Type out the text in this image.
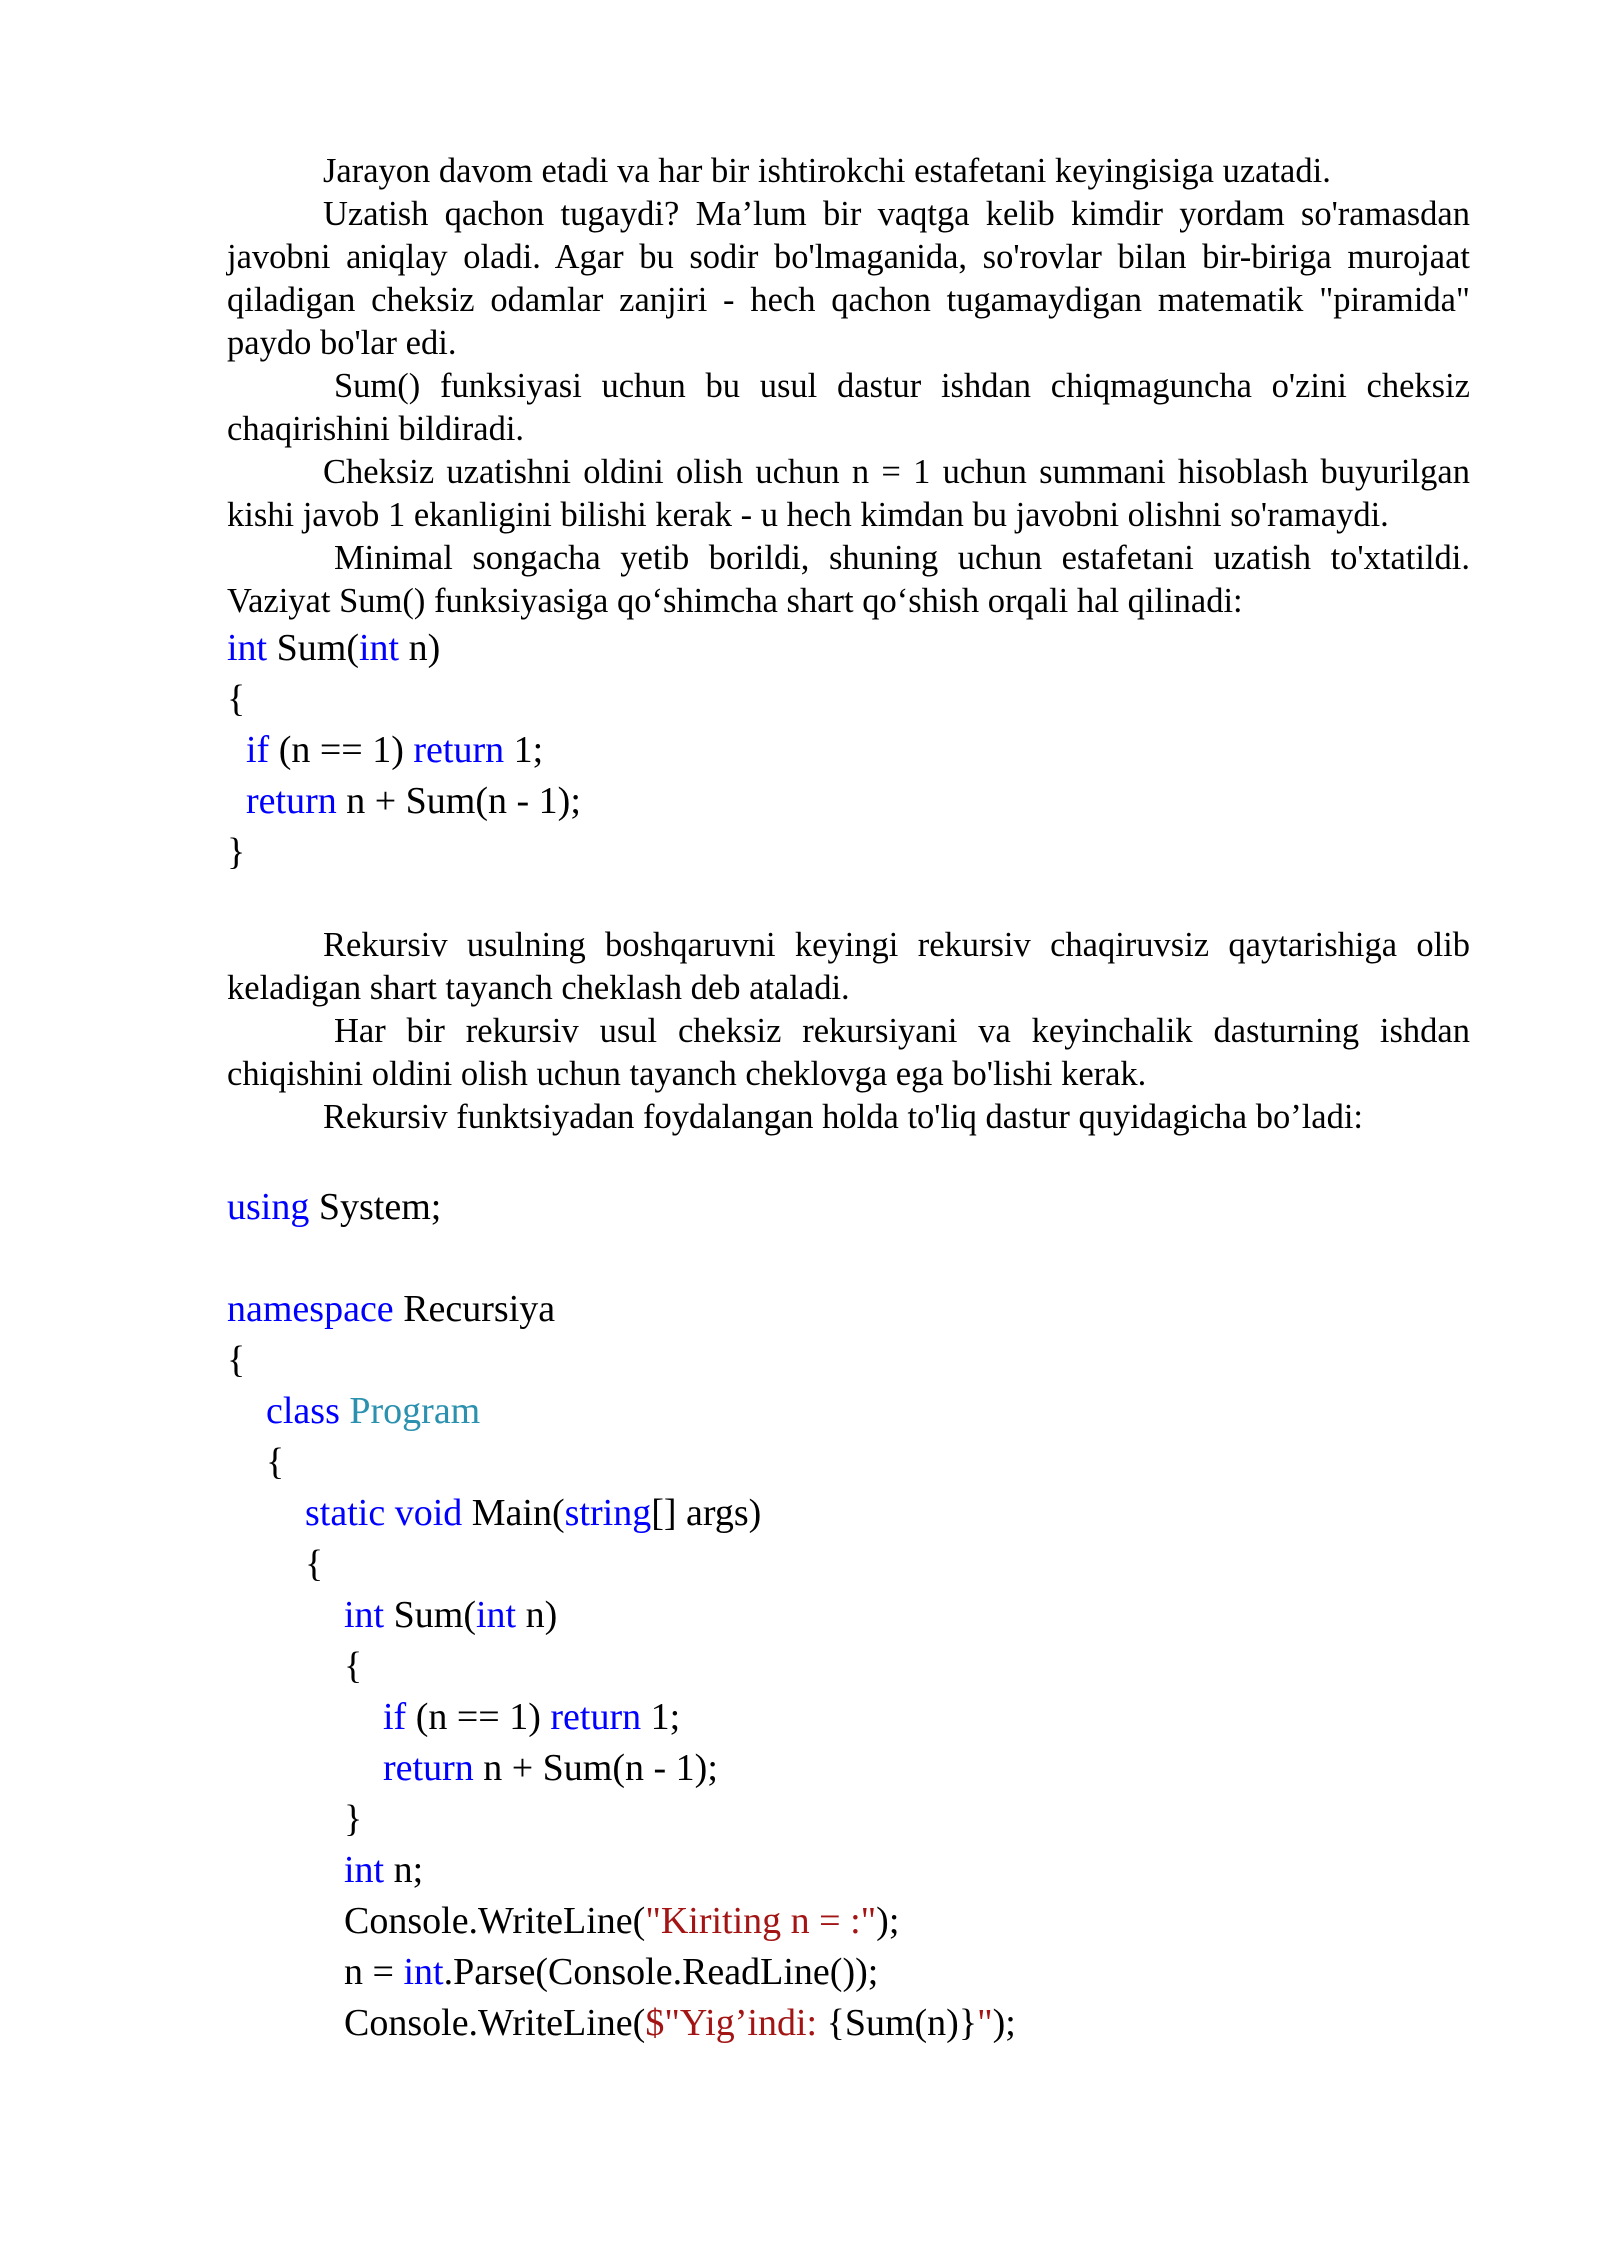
Jarayon davom etadi va har bir ishtirokchi estafetani keyingisiga uzatadi.

Uzatish qachon tugaydi? Ma’lum bir vaqtga kelib kimdir yordam so'ramasdan javobni aniqlay oladi. Agar bu sodir bo'lmaganida, so'rovlar bilan bir-biriga murojaat qiladigan cheksiz odamlar zanjiri - hech qachon tugamaydigan matematik "piramida" paydo bo'lar edi.

Sum() funksiyasi uchun bu usul dastur ishdan chiqmaguncha o'zini cheksiz chaqirishini bildiradi.

Cheksiz uzatishni oldini olish uchun n = 1 uchun summani hisoblash buyurilgan kishi javob 1 ekanligini bilishi kerak - u hech kimdan bu javobni olishni so'ramaydi.

Minimal songacha yetib borildi, shuning uchun estafetani uzatish to'xtatildi. Vaziyat Sum() funksiyasiga qo‘shimcha shart qo‘shish orqali hal qilinadi:

int Sum(int n)
{
if (n == 1) return 1;
return n + Sum(n - 1);
}

Rekursiv usulning boshqaruvni keyingi rekursiv chaqiruvsiz qaytarishiga olib keladigan shart tayanch cheklash deb ataladi.

Har bir rekursiv usul cheksiz rekursiyani va keyinchalik dasturning ishdan chiqishini oldini olish uchun tayanch cheklovga ega bo'lishi kerak.

Rekursiv funktsiyadan foydalangan holda to'liq dastur quyidagicha bo’ladi:

using System;
namespace Recursiya
{
class Program
{
static void Main(string[] args)
{
int Sum(int n)
{
if (n == 1) return 1;
return n + Sum(n - 1);
}
int n;
Console.WriteLine("Kiriting n = :");
n = int.Parse(Console.ReadLine());
Console.WriteLine($"Yig’indi: {Sum(n)}");
